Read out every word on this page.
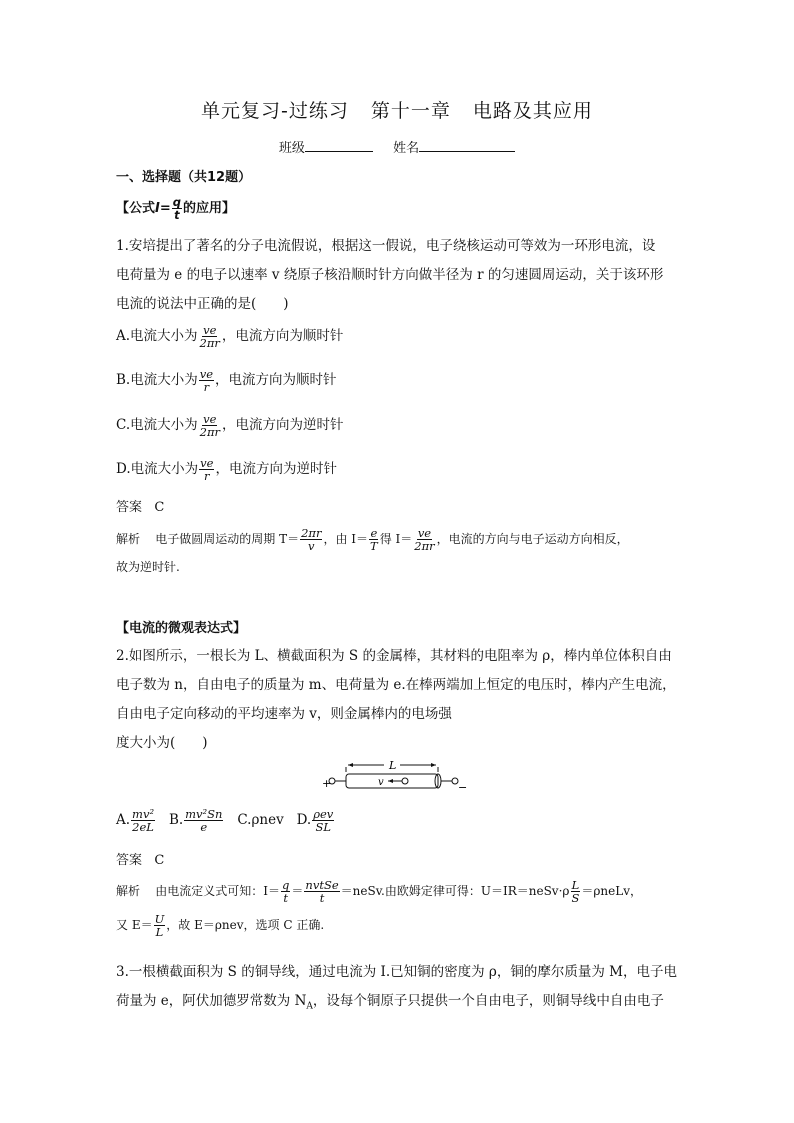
单元复习-过练习 第十一章 电路及其应用
班级	姓名
一、选择题（共12题）
【公式$I= \frac{q}{t}$ 的应用】
1.安培提出了著名的分子电流假说，根据这一假说，电子绕核运动可等效为一环形电流，设
电荷量为 e 的电子以速率 v 绕原子核沿顺时针方向做半径为 r 的匀速圆周运动，关于该环形
电流的说法中正确的是(　　)
A.电流大小为 $\frac{ve}{2\pi r}$ ，电流方向为顺时针
B.电流大小为 $\frac{ve}{r}$ ，电流方向为顺时针
C.电流大小为 $\frac{ve}{2\pi r}$ ，电流方向为逆时针
D.电流大小为 $\frac{ve}{r}$ ，电流方向为逆时针
答案 C
解析 电子做圆周运动的周期 $T= \frac{2\pi r}{v}$ ，由 $I= \frac{e}{T}$ 得 $I= \frac{ve}{2\pi r}$ ，电流的方向与电子运动方向相反，
故为逆时针.
【电流的微观表达式】
2.如图所示，一根长为 L、横截面积为 S 的金属棒，其材料的电阻率为 ρ，棒内单位体积自由
电子数为 n，自由电子的质量为 m、电荷量为 e.在棒两端加上恒定的电压时，棒内产生电流，
自由电子定向移动的平均速率为 v，则金属棒内的电场强
度大小为(　　)
+	−
L
v
A. $\frac{\text{mv²}}{2eL} B$. $\frac{\text{mv²Sn}}{e} C.\rho nev$ D. $\frac{\text{ρev}}{SL}$
答案 C
解析 由电流定义式可知：$I= \frac{q}{t} = \frac{\text{nvtSe}}{t}$ ＝neSv.由欧姆定律可得：U＝IR＝neSv·ρ $\frac{L}{S}$ ＝ρneLv，
又 $E= \frac{U}{L}$ ，故 E＝ρnev，选项 C 正确.
3.一根横截面积为 S 的铜导线，通过电流为 I.已知铜的密度为 ρ，铜的摩尔质量为 M，电子电
荷量为 e，阿伏加德罗常数为 $N_A$，设每个铜原子只提供一个自由电子，则铜导线中自由电子
